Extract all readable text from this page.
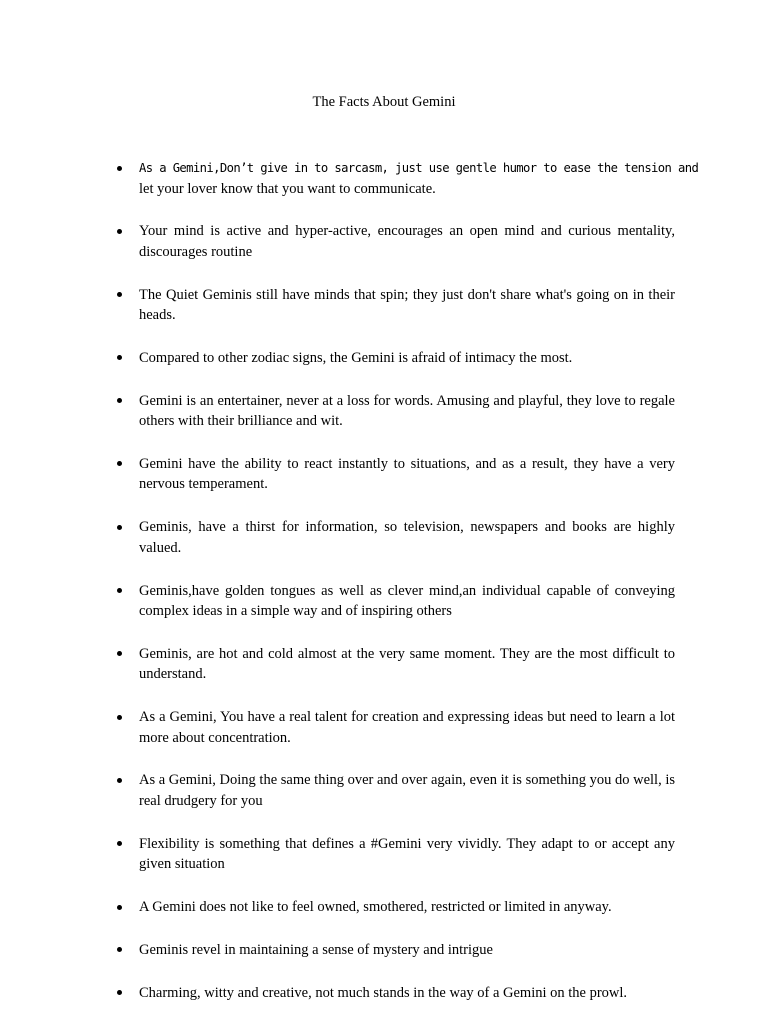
The Facts About Gemini
As a Gemini,Don’t give in to sarcasm, just use gentle humor to ease the tension and
let your lover know that you want to communicate.
Your mind is active and hyper-active, encourages an open mind and curious mentality, discourages routine
The Quiet Geminis still have minds that spin; they just don't share what's going on in their heads.
Compared to other zodiac signs, the Gemini is afraid of intimacy the most.
Gemini is an entertainer, never at a loss for words. Amusing and playful, they love to regale others with their brilliance and wit.
Gemini have the ability to react instantly to situations, and as a result, they have a very nervous temperament.
Geminis, have a thirst for information, so television, newspapers and books are highly valued.
Geminis,have golden tongues as well as clever mind,an individual capable of conveying complex ideas in a simple way and of inspiring others
Geminis, are hot and cold almost at the very same moment. They are the most difficult to understand.
As a Gemini, You have a real talent for creation and expressing ideas but need to learn a lot more about concentration.
As a Gemini, Doing the same thing over and over again, even it is something you do well, is real drudgery for you
Flexibility is something that defines a #Gemini very vividly. They adapt to or accept any given situation
A Gemini does not like to feel owned, smothered, restricted or limited in anyway.
Geminis revel in maintaining a sense of mystery and intrigue
Charming, witty and creative, not much stands in the way of a Gemini on the prowl.
